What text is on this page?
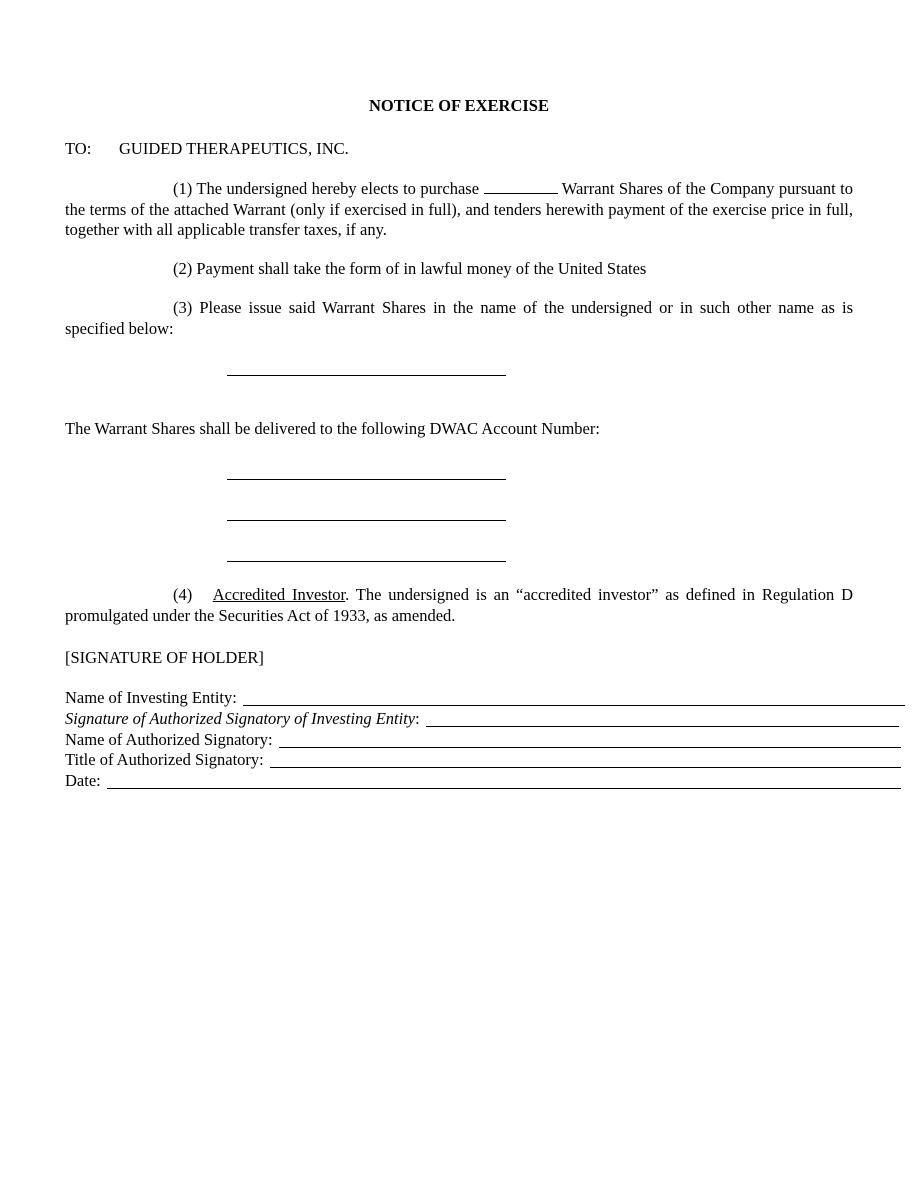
NOTICE OF EXERCISE
TO: GUIDED THERAPEUTICS, INC.
(1) The undersigned hereby elects to purchase	Warrant Shares of the Company pursuant to the terms of the attached Warrant (only if exercised in full), and tenders herewith payment of the exercise price in full, together with all applicable transfer taxes, if any.
(2) Payment shall take the form of in lawful money of the United States
(3) Please issue said Warrant Shares in the name of the undersigned or in such other name as is specified below:
The Warrant Shares shall be delivered to the following DWAC Account Number:
(4) Accredited Investor. The undersigned is an “accredited investor” as defined in Regulation D promulgated under the Securities Act of 1933, as amended.
[SIGNATURE OF HOLDER]
Name of Investing Entity:
Signature of Authorized Signatory of Investing Entity :
Name of Authorized Signatory:
Title of Authorized Signatory:
Date:
